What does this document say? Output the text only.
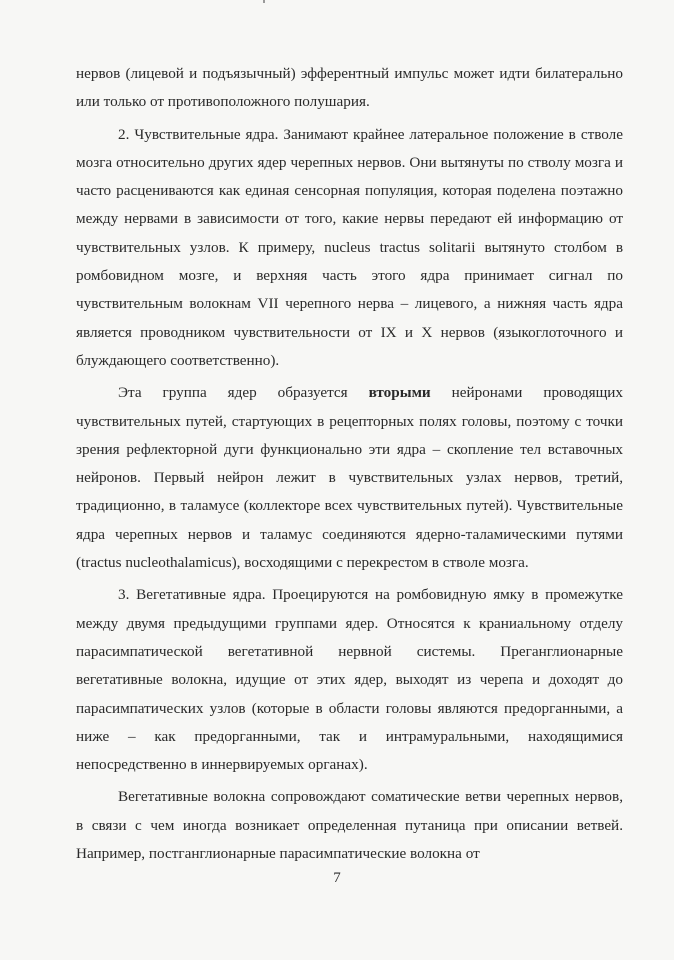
нервов (лицевой и подъязычный) эфферентный импульс может идти билатерально или только от противоположного полушария.

2. Чувствительные ядра. Занимают крайнее латеральное положение в стволе мозга относительно других ядер черепных нервов. Они вытянуты по стволу мозга и часто расцениваются как единая сенсорная популяция, которая поделена поэтажно между нервами в зависимости от того, какие нервы передают ей информацию от чувствительных узлов. К примеру, nucleus tractus solitarii вытянуто столбом в ромбовидном мозге, и верхняя часть этого ядра принимает сигнал по чувствительным волокнам VII черепного нерва – лицевого, а нижняя часть ядра является проводником чувствительности от IX и X нервов (языкоглоточного и блуждающего соответственно).

Эта группа ядер образуется вторыми нейронами проводящих чувствительных путей, стартующих в рецепторных полях головы, поэтому с точки зрения рефлекторной дуги функционально эти ядра – скопление тел вставочных нейронов. Первый нейрон лежит в чувствительных узлах нервов, третий, традиционно, в таламусе (коллекторе всех чувствительных путей). Чувствительные ядра черепных нервов и таламус соединяются ядерно-таламическими путями (tractus nucleothalamicus), восходящими с перекрестом в стволе мозга.

3. Вегетативные ядра. Проецируются на ромбовидную ямку в промежутке между двумя предыдущими группами ядер. Относятся к краниальному отделу парасимпатической вегетативной нервной системы. Преганглионарные вегетативные волокна, идущие от этих ядер, выходят из черепа и доходят до парасимпатических узлов (которые в области головы являются предорганными, а ниже – как предорганными, так и интрамуральными, находящимися непосредственно в иннервируемых органах).

Вегетативные волокна сопровождают соматические ветви черепных нервов, в связи с чем иногда возникает определенная путаница при описании ветвей. Например, постганглионарные парасимпатические волокна от

7
